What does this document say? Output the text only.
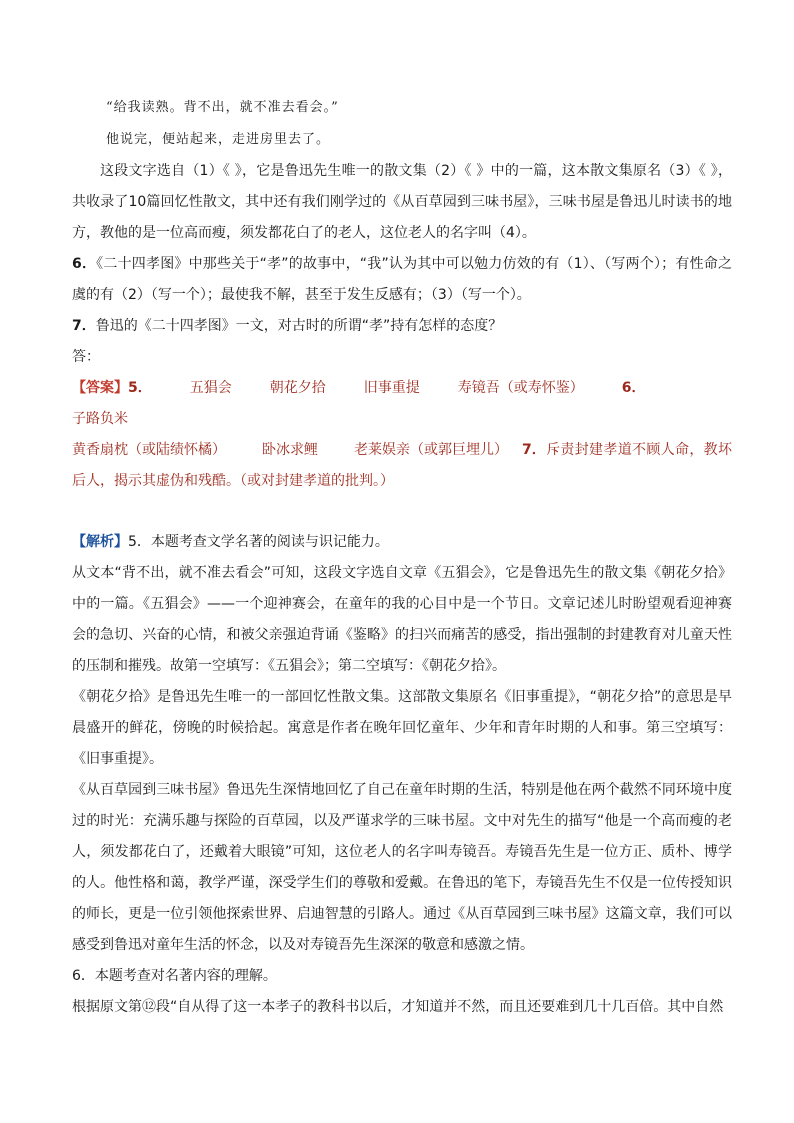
“给我读熟。背不出，就不准去看会。”

他说完，便站起来，走进房里去了。

这段文字选自（1）《 》，它是鲁迅先生唯一的散文集（2）《 》中的一篇，这本散文集原名（3）《 》，共收录了10篇回忆性散文，其中还有我们刚学过的《从百草园到三味书屋》，三味书屋是鲁迅儿时读书的地方，教他的是一位高而瘦，须发都花白了的老人，这位老人的名字叫（4）。

6．《二十四孝图》中那些关于“孝”的故事中，“我”认为其中可以勉力仿效的有（1）、（写两个）；有性命之虞的有（2）（写一个）；最使我不解，甚至于发生反感有；（3）（写一个）。

7．鲁迅的《二十四孝图》一文，对古时的所谓“孝”持有怎样的态度？

答：

【答案】5．	五猖会	朝花夕拾	旧事重提	寿镜吾（或寿怀鉴）	6．子路负米
黄香扇枕（或陆绩怀橘）	卧冰求鲤	老莱娱亲（或郭巨埋儿） 7．斥责封建孝道不顾人命，教坏后人，揭示其虚伪和残酷。（或对封建孝道的批判。）

【解析】5．本题考查文学名著的阅读与识记能力。

从文本“背不出，就不准去看会”可知，这段文字选自文章《五猖会》，它是鲁迅先生的散文集《朝花夕拾》中的一篇。《五猖会》——一个迎神赛会，在童年的我的心目中是一个节日。文章记述儿时盼望观看迎神赛会的急切、兴奋的心情，和被父亲强迫背诵《鉴略》的扫兴而痛苦的感受，指出强制的封建教育对儿童天性的压制和摧残。故第一空填写：《五猖会》；第二空填写：《朝花夕拾》。

《朝花夕拾》是鲁迅先生唯一的一部回忆性散文集。这部散文集原名《旧事重提》，“朝花夕拾”的意思是早晨盛开的鲜花，傍晚的时候拾起。寓意是作者在晚年回忆童年、少年和青年时期的人和事。第三空填写：《旧事重提》。

《从百草园到三味书屋》鲁迅先生深情地回忆了自己在童年时期的生活，特别是他在两个截然不同环境中度过的时光：充满乐趣与探险的百草园，以及严谨求学的三味书屋。文中对先生的描写“他是一个高而瘦的老人，须发都花白了，还戴着大眼镜”可知，这位老人的名字叫寿镜吾。寿镜吾先生是一位方正、质朴、博学的人。他性格和蔼，教学严谨，深受学生们的尊敬和爱戴。在鲁迅的笔下，寿镜吾先生不仅是一位传授知识的师长，更是一位引领他探索世界、启迪智慧的引路人。通过《从百草园到三味书屋》这篇文章，我们可以感受到鲁迅对童年生活的怀念，以及对寿镜吾先生深深的敬意和感激之情。

6．本题考查对名著内容的理解。

根据原文第⑫段“自从得了这一本孝子的教科书以后，才知道并不然，而且还要难到几十几百倍。其中自然
